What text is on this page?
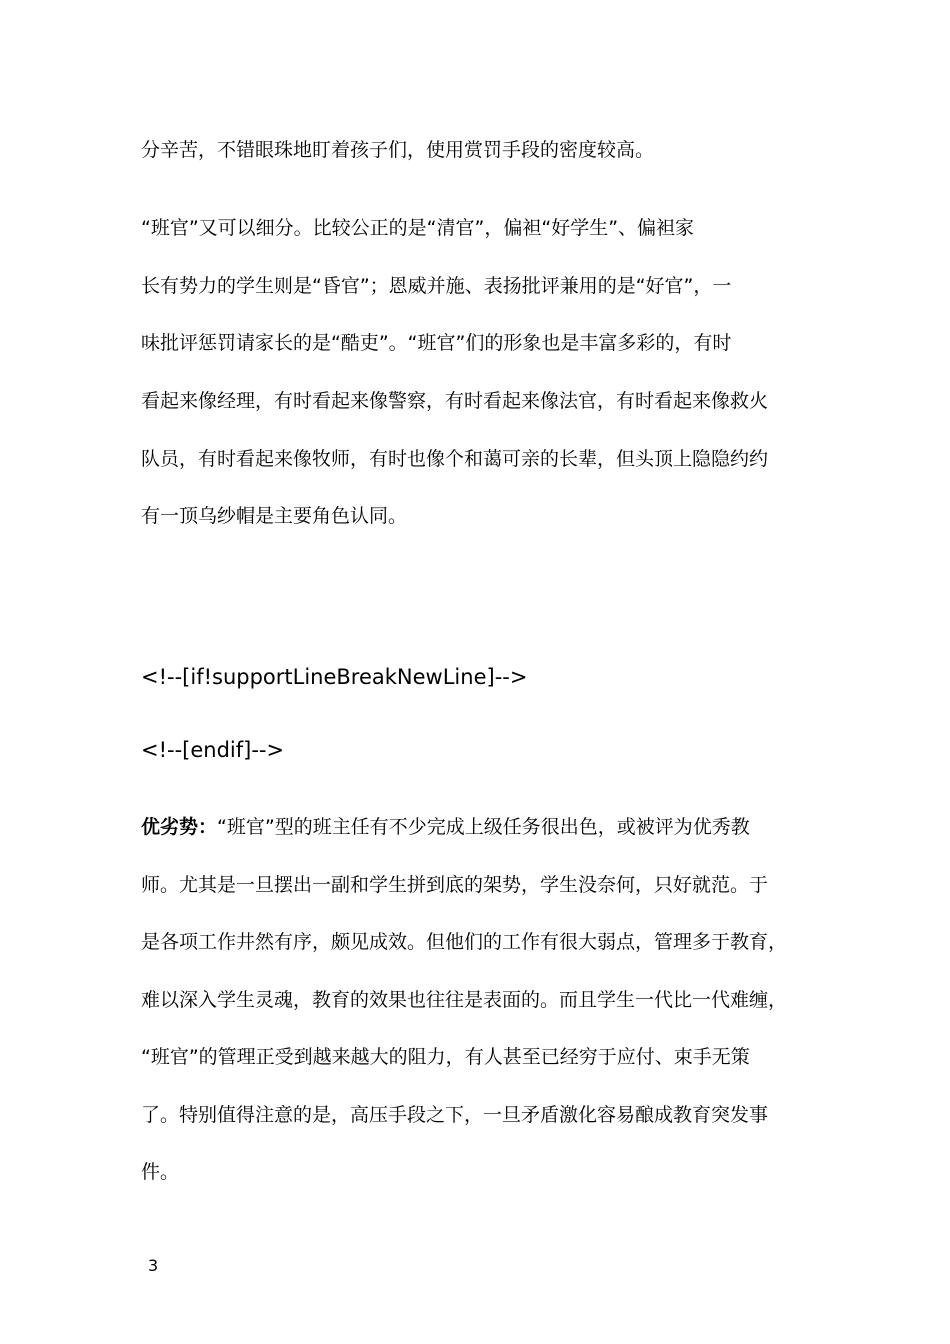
分辛苦，不错眼珠地盯着孩子们，使用赏罚手段的密度较高。
“班官”又可以细分。比较公正的是“清官”，偏袒“好学生”、偏袒家
长有势力的学生则是“昏官”；恩威并施、表扬批评兼用的是“好官”，一
味批评惩罚请家长的是“酷吏”。“班官”们的形象也是丰富多彩的，有时
看起来像经理，有时看起来像警察，有时看起来像法官，有时看起来像救火
队员，有时看起来像牧师，有时也像个和蔼可亲的长辈，但头顶上隐隐约约
有一顶乌纱帽是主要角色认同。
<!--[if!supportLineBreakNewLine]-->
<!--[endif]-->
优劣势：“班官”型的班主任有不少完成上级任务很出色，或被评为优秀教
师。尤其是一旦摆出一副和学生拼到底的架势，学生没奈何，只好就范。于
是各项工作井然有序，颇见成效。但他们的工作有很大弱点，管理多于教育，
难以深入学生灵魂，教育的效果也往往是表面的。而且学生一代比一代难缠，
“班官”的管理正受到越来越大的阻力，有人甚至已经穷于应付、束手无策
了。特别值得注意的是，高压手段之下，一旦矛盾激化容易酿成教育突发事
件。
3
